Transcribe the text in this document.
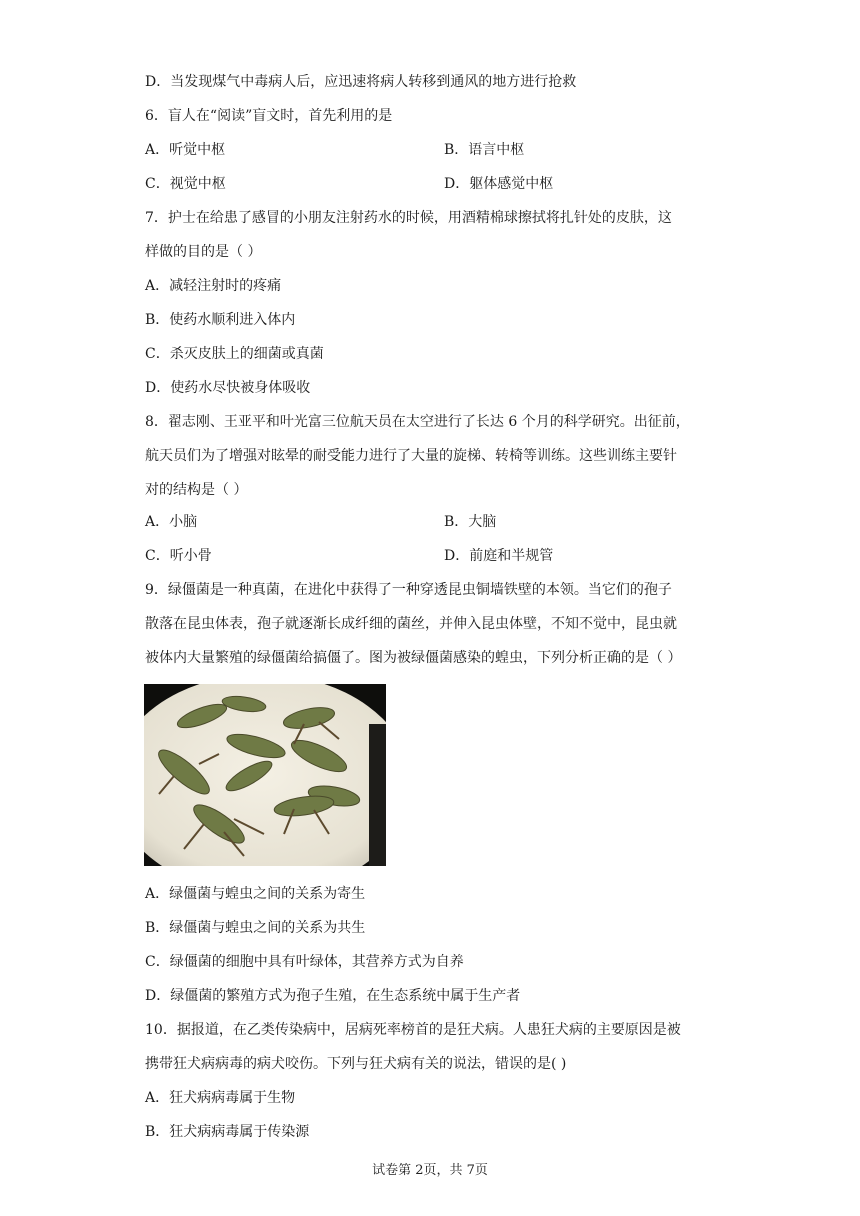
D．当发现煤气中毒病人后，应迅速将病人转移到通风的地方进行抢救
6．盲人在“阅读”盲文时，首先利用的是
A．听觉中枢	B．语言中枢
C．视觉中枢	D．躯体感觉中枢
7．护士在给患了感冒的小朋友注射药水的时候，用酒精棉球擦拭将扎针处的皮肤，这
样做的目的是（ ）
A．减轻注射时的疼痛
B．使药水顺利进入体内
C．杀灭皮肤上的细菌或真菌
D．使药水尽快被身体吸收
8．翟志刚、王亚平和叶光富三位航天员在太空进行了长达 6 个月的科学研究。出征前，
航天员们为了增强对眩晕的耐受能力进行了大量的旋梯、转椅等训练。这些训练主要针
对的结构是（ ）
A．小脑	B．大脑
C．听小骨	D．前庭和半规管
9．绿僵菌是一种真菌，在进化中获得了一种穿透昆虫铜墙铁壁的本领。当它们的孢子
散落在昆虫体表，孢子就逐渐长成纤细的菌丝，并伸入昆虫体壁，不知不觉中，昆虫就
被体内大量繁殖的绿僵菌给搞僵了。图为被绿僵菌感染的蝗虫，下列分析正确的是（ ）
A．绿僵菌与蝗虫之间的关系为寄生
B．绿僵菌与蝗虫之间的关系为共生
C．绿僵菌的细胞中具有叶绿体，其营养方式为自养
D．绿僵菌的繁殖方式为孢子生殖，在生态系统中属于生产者
10．据报道，在乙类传染病中，居病死率榜首的是狂犬病。人患狂犬病的主要原因是被
携带狂犬病病毒的病犬咬伤。下列与狂犬病有关的说法，错误的是( )
A．狂犬病病毒属于生物
B．狂犬病病毒属于传染源
试卷第 2页，共 7页
